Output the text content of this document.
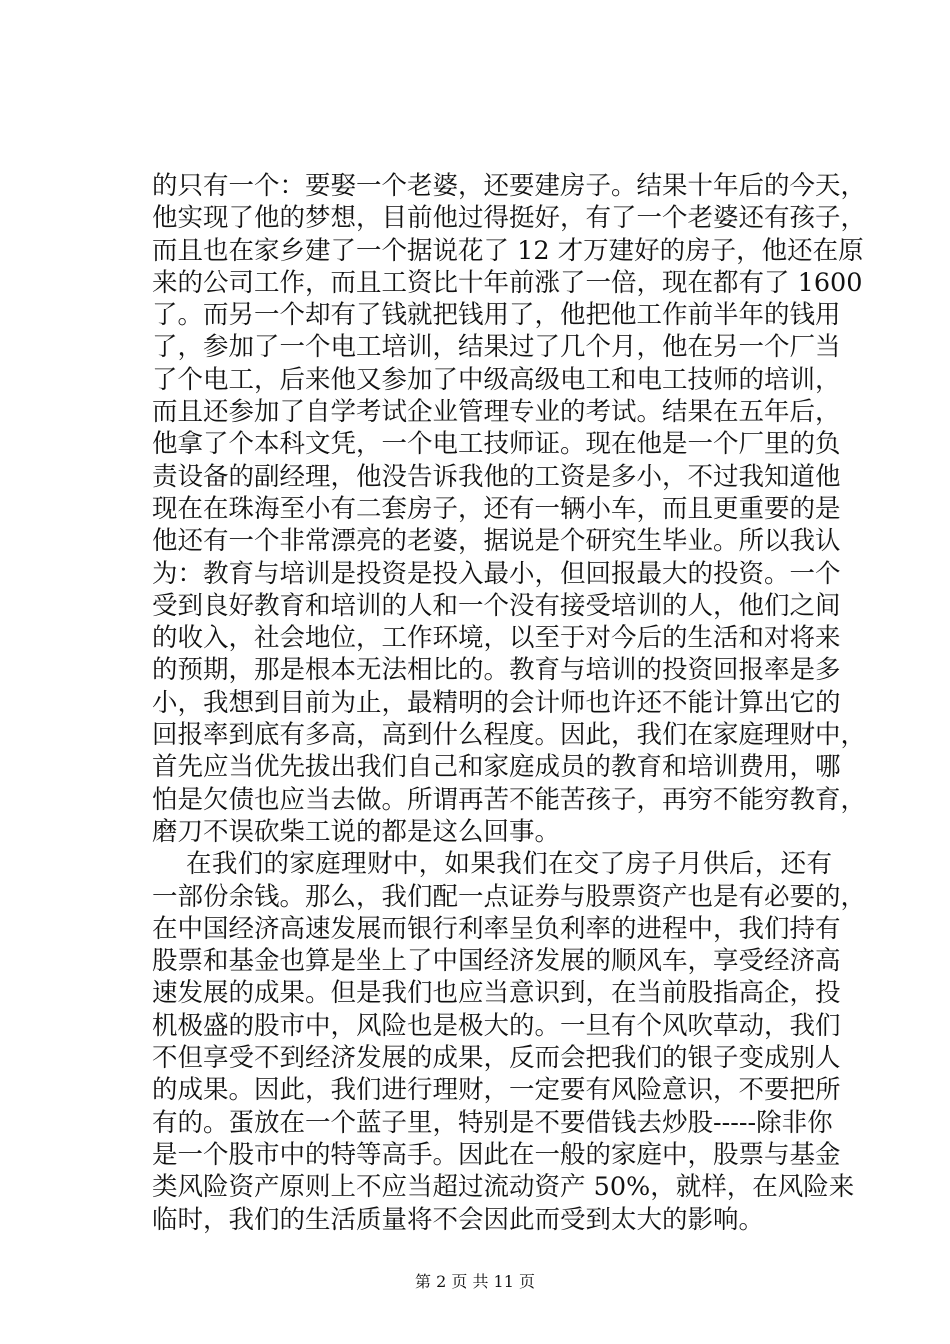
的只有一个：要娶一个老婆，还要建房子。结果十年后的今天，
他实现了他的梦想，目前他过得挺好，有了一个老婆还有孩子，
而且也在家乡建了一个据说花了 12 才万建好的房子，他还在原
来的公司工作，而且工资比十年前涨了一倍，现在都有了 1600
了。而另一个却有了钱就把钱用了，他把他工作前半年的钱用
了，参加了一个电工培训，结果过了几个月，他在另一个厂当
了个电工，后来他又参加了中级高级电工和电工技师的培训，
而且还参加了自学考试企业管理专业的考试。结果在五年后，
他拿了个本科文凭，一个电工技师证。现在他是一个厂里的负
责设备的副经理，他没告诉我他的工资是多小，不过我知道他
现在在珠海至小有二套房子，还有一辆小车，而且更重要的是
他还有一个非常漂亮的老婆，据说是个研究生毕业。所以我认
为：教育与培训是投资是投入最小，但回报最大的投资。一个
受到良好教育和培训的人和一个没有接受培训的人，他们之间
的收入，社会地位，工作环境，以至于对今后的生活和对将来
的预期，那是根本无法相比的。教育与培训的投资回报率是多
小，我想到目前为止，最精明的会计师也许还不能计算出它的
回报率到底有多高，高到什么程度。因此，我们在家庭理财中，
首先应当优先拔出我们自己和家庭成员的教育和培训费用，哪
怕是欠债也应当去做。所谓再苦不能苦孩子，再穷不能穷教育，
磨刀不误砍柴工说的都是这么回事。
在我们的家庭理财中，如果我们在交了房子月供后，还有
一部份余钱。那么，我们配一点证券与股票资产也是有必要的，
在中国经济高速发展而银行利率呈负利率的进程中，我们持有
股票和基金也算是坐上了中国经济发展的顺风车，享受经济高
速发展的成果。但是我们也应当意识到，在当前股指高企，投
机极盛的股市中，风险也是极大的。一旦有个风吹草动，我们
不但享受不到经济发展的成果，反而会把我们的银子变成别人
的成果。因此，我们进行理财，一定要有风险意识，不要把所
有的。蛋放在一个蓝子里，特别是不要借钱去炒股-----除非你
是一个股市中的特等高手。因此在一般的家庭中，股票与基金
类风险资产原则上不应当超过流动资产 50%，就样，在风险来
临时，我们的生活质量将不会因此而受到太大的影响。
第 2 页 共 11 页
